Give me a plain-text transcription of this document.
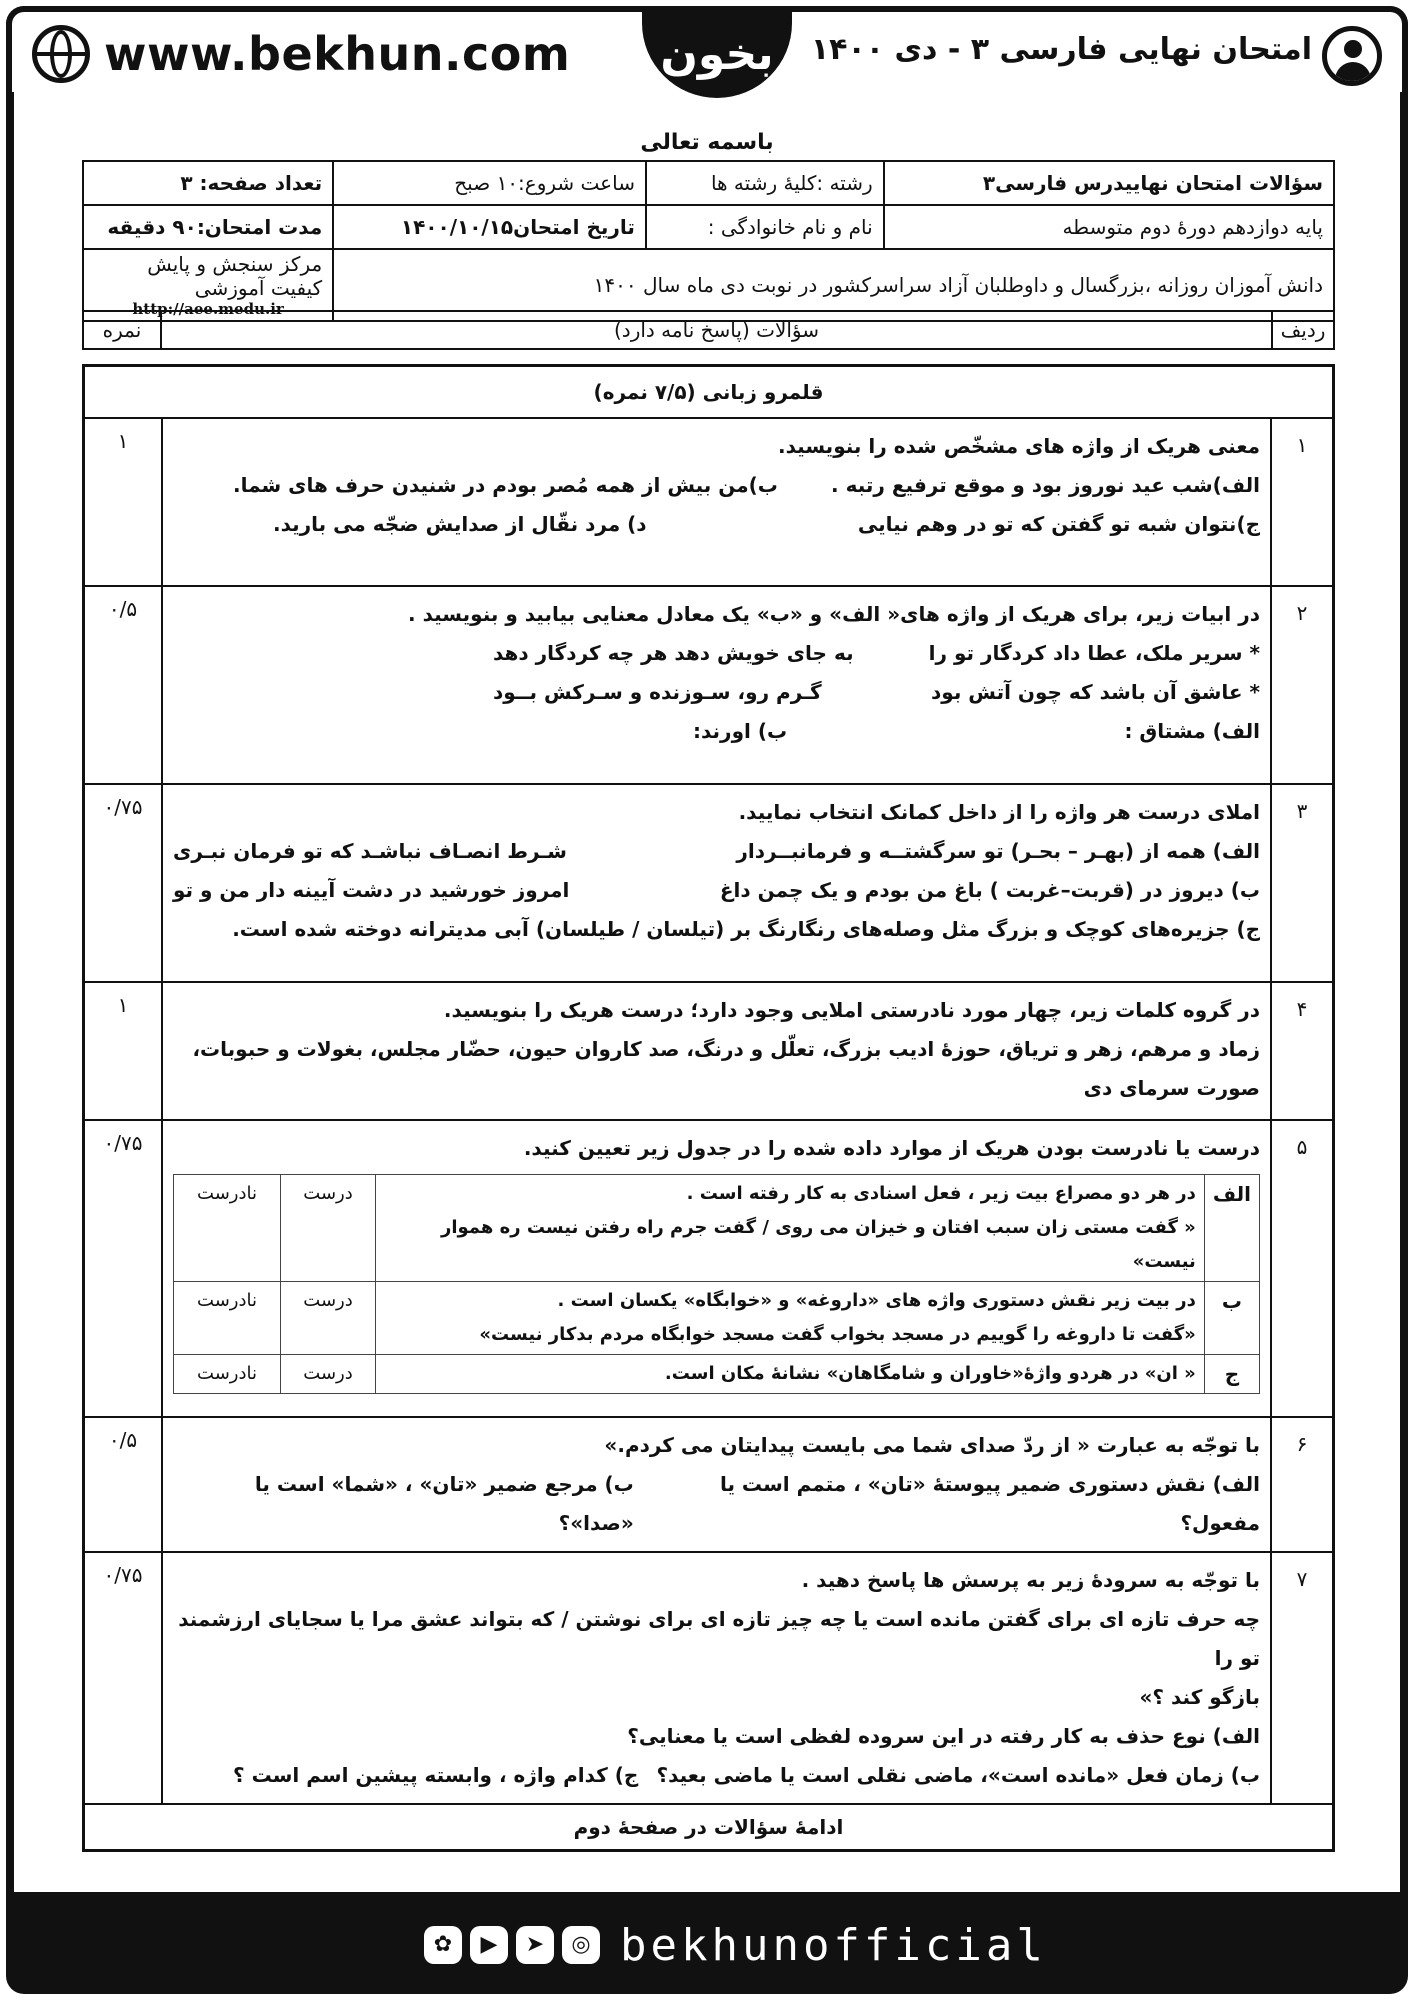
www.bekhun.com	بخون	امتحان نهایی فارسی ۳ - دی ۱۴۰۰
باسمه تعالی
سؤالات امتحان نهاییدرس فارسی۳	رشته :کلیهٔ رشته ها	ساعت شروع:۱۰ صبح	تعداد صفحه: ۳
پایه دوازدهم دورهٔ دوم متوسطه	نام و نام خانوادگی :	تاریخ امتحان۱۴۰۰/۱۰/۱۵	مدت امتحان:۹۰ دقیقه
دانش آموزان روزانه ،بزرگسال و داوطلبان آزاد سراسرکشور در نوبت دی ماه سال ۱۴۰۰			مرکز سنجش و پایش کیفیت آموزشی
http://aee.medu.ir
ردیف	سؤالات (پاسخ نامه دارد)	نمره
قلمرو زبانی (۷/۵ نمره)
۱	
معنی هریک از واژه های مشخّص شده را بنویسید.
الف)شب عید نوروز بود و موقع ترفیع رتبه .
ب)من بیش از همه مُصر بودم در شنیدن حرف های شما.
ج)نتوان شبه تو گفتن که تو در وهم نیایی
د) مرد نقّال از صدایش ضجّه می بارید.
	۱
۲	
در ابیات زیر، برای هریک از واژه های« الف» و «ب» یک معادل معنایی بیابید و بنویسید .
* سریر ملک، عطا داد کردگار تو را
به جای خویش دهد هر چه کردگار دهد
* عاشق آن باشد که چون آتش بود
گـرم رو، سـوزنده و سـرکش بــود
الف) مشتاق :
ب) اورند:
	۰/۵
۳	
املای درست هر واژه را از داخل کمانک انتخاب نمایید.
الف) همه از (بهـر – بحـر) تو سرگشتــه و فرمانبــردار
شـرط انصـاف نباشـد که تو فرمان نبـری
ب) دیروز در (قربت–غربت ) باغ من بودم و یک چمن داغ
امروز خورشید در دشت آیینه دار من و تو
ج) جزیره‌های کوچک و بزرگ مثل وصله‌های رنگارنگ بر (تیلسان / طیلسان) آبی مدیترانه دوخته شده است.
	۰/۷۵
۴	
در گروه کلمات زیر، چهار مورد نادرستی املایی وجود دارد؛ درست هریک را بنویسید.
زماد و مرهم، زهر و تریاق، حوزهٔ ادیب بزرگ، تعلّل و درنگ، صد کاروان حیون، حضّار مجلس، بغولات و حبوبات،
صورت سرمای دی
	۱
۵	
درست یا نادرست بودن هریک از موارد داده شده را در جدول زیر تعیین کنید.
الف	
در هر دو مصراع بیت زیر ، فعل اسنادی به کار رفته است .
« گفت مستی زان سبب افتان و خیزان می روی / گفت جرم راه رفتن نیست ره هموار نیست»
	درست	نادرست
ب	
در بیت زیر نقش دستوری واژه های «داروغه» و «خوابگاه» یکسان است .
«گفت تا داروغه را گوییم در مسجد بخواب گفت مسجد خوابگاه مردم بدکار نیست»
	درست	نادرست
ج	
« ان» در هردو واژهٔ«خاوران و شامگاهان» نشانهٔ مکان است.
	درست	نادرست
	۰/۷۵
۶	
با توجّه به عبارت « از ردّ صدای شما می بایست پیدایتان می کردم.»
الف) نقش دستوری ضمیر پیوستهٔ «تان» ، متمم است یا مفعول؟
ب) مرجع ضمیر «تان» ، «شما» است یا «صدا»؟
	۰/۵
۷	
با توجّه به سرودهٔ زیر به پرسش ها پاسخ دهید .
چه حرف تازه ای برای گفتن مانده است یا چه چیز تازه ای برای نوشتن / که بتواند عشق مرا یا سجایای ارزشمند تو را
بازگو کند ؟»
الف) نوع حذف به کار رفته در این سروده لفظی است یا معنایی؟
ب) زمان فعل «مانده است»، ماضی نقلی است یا ماضی بعید؟
ج) کدام واژه ، وابسته پیشین اسم است ؟
	۰/۷۵
ادامهٔ سؤالات در صفحهٔ دوم
✿	▶	➤	◎ bekhunofficial
